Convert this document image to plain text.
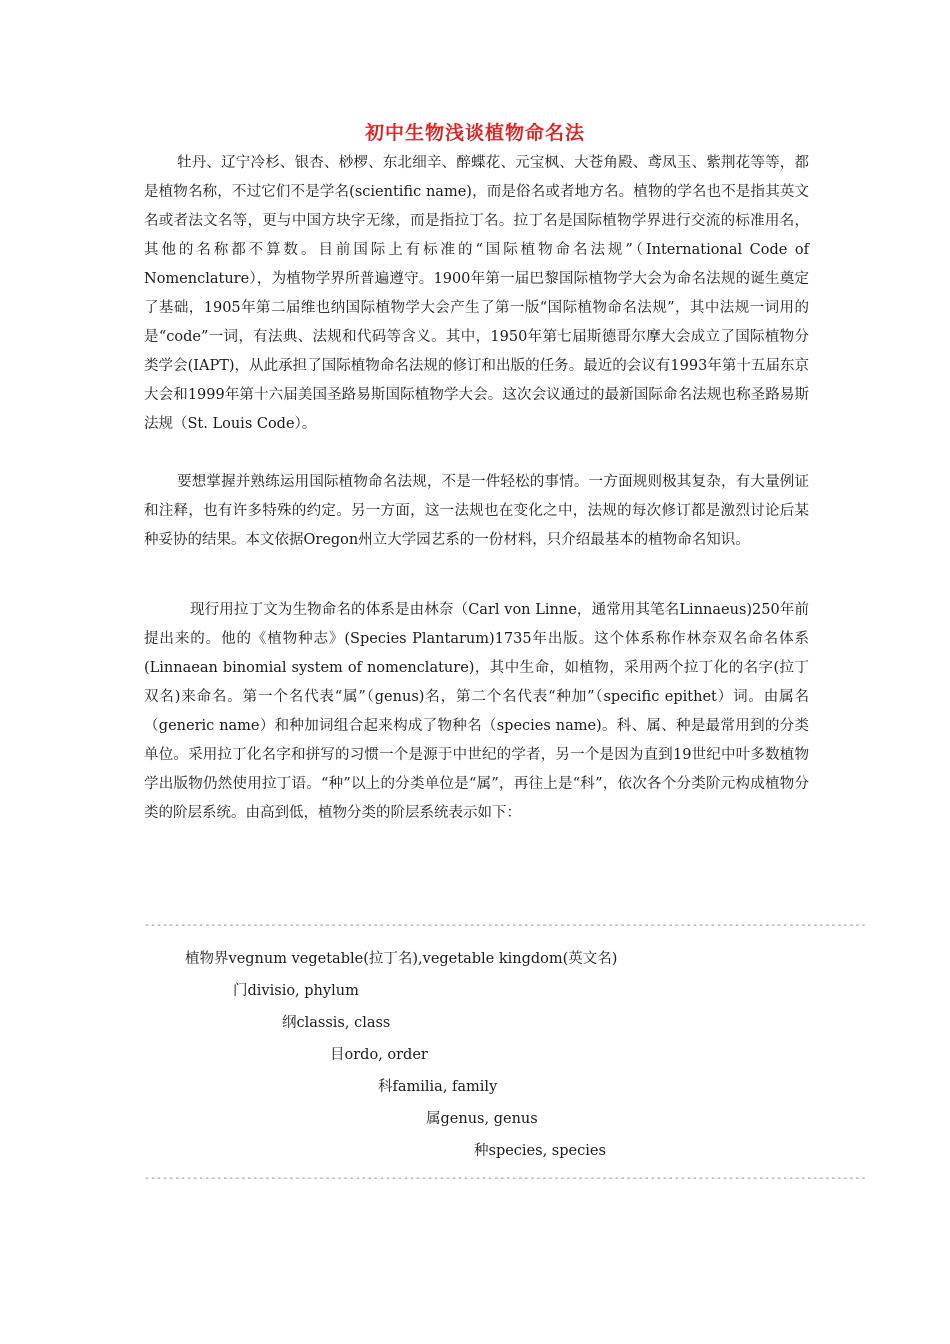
初中生物浅谈植物命名法

牡丹、辽宁冷杉、银杏、桫椤、东北细辛、醉蝶花、元宝枫、大苍角殿、鸢凤玉、紫荆花等等，都是植物名称，不过它们不是学名(scientific name)，而是俗名或者地方名。植物的学名也不是指其英文名或者法文名等，更与中国方块字无缘，而是指拉丁名。拉丁名是国际植物学界进行交流的标准用名，其他的名称都不算数。目前国际上有标准的“国际植物命名法规”（International Code of Nomenclature），为植物学界所普遍遵守。1900年第一届巴黎国际植物学大会为命名法规的诞生奠定了基础，1905年第二届维也纳国际植物学大会产生了第一版“国际植物命名法规”，其中法规一词用的是“code”一词，有法典、法规和代码等含义。其中，1950年第七届斯德哥尔摩大会成立了国际植物分类学会(IAPT)，从此承担了国际植物命名法规的修订和出版的任务。最近的会议有1993年第十五届东京大会和1999年第十六届美国圣路易斯国际植物学大会。这次会议通过的最新国际命名法规也称圣路易斯法规（St. Louis Code）。

要想掌握并熟练运用国际植物命名法规，不是一件轻松的事情。一方面规则极其复杂，有大量例证和注释，也有许多特殊的约定。另一方面，这一法规也在变化之中，法规的每次修订都是激烈讨论后某种妥协的结果。本文依据Oregon州立大学园艺系的一份材料，只介绍最基本的植物命名知识。

现行用拉丁文为生物命名的体系是由林奈（Carl von Linne，通常用其笔名Linnaeus)250年前提出来的。他的《植物种志》(Species Plantarum)1735年出版。这个体系称作林奈双名命名体系(Linnaean binomial system of nomenclature)，其中生命，如植物，采用两个拉丁化的名字(拉丁双名)来命名。第一个名代表“属”（genus)名，第二个名代表“种加”（specific epithet）词。由属名（generic name）和种加词组合起来构成了物种名（species name)。科、属、种是最常用到的分类单位。采用拉丁化名字和拼写的习惯一个是源于中世纪的学者，另一个是因为直到19世纪中叶多数植物学出版物仍然使用拉丁语。“种”以上的分类单位是“属”，再往上是“科”，依次各个分类阶元构成植物分类的阶层系统。由高到低，植物分类的阶层系统表示如下：

------------------------------------------------------------------------------------------------------------------------
植物界vegnum vegetable(拉丁名),vegetable kingdom(英文名)
门divisio, phylum
纲classis, class
目ordo, order
科familia, family
属genus, genus
种species, species
------------------------------------------------------------------------------------------------------------------------
